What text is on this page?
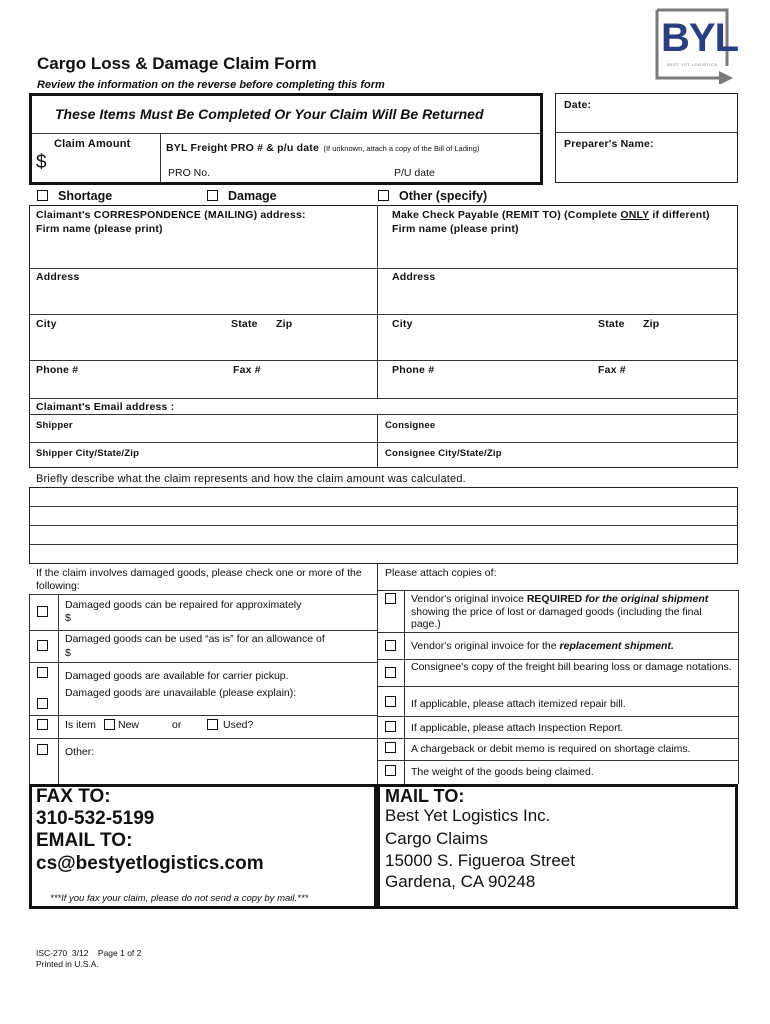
BYL
BEST YET LOGISTICS
Cargo Loss & Damage Claim Form
Review the information on the reverse before completing this form
These Items Must Be Completed Or Your Claim Will Be Returned
Claim Amount
$
BYL Freight PRO # & p/u date (If unknown, attach a copy of the Bill of Lading)
PRO No.	P/U date
Date:
Preparer's Name:
Shortage	Damage	Other (specify)
Claimant's CORRESPONDENCE (MAILING) address:
Firm name (please print)
Address
City	State Zip
Phone #	Fax #
Make Check Payable (REMIT TO) (Complete ONLY if different)
Firm name (please print)
Address
City	State Zip
Phone #	Fax #
Claimant's Email address :
Shipper	Consignee
Shipper City/State/Zip	Consignee City/State/Zip
Briefly describe what the claim represents and how the claim amount was calculated.
If the claim involves damaged goods, please check one or more of the following:
Please attach copies of:
Damaged goods can be repaired for approximately
$
Damaged goods can be used “as is” for an allowance of
$
Damaged goods are available for carrier pickup.
Damaged goods are unavailable (please explain):
Is item New	or	Used?
Other:
Vendor's original invoice REQUIRED for the original shipment showing the price of lost or damaged goods (including the final page.)
Vendor's original invoice for the replacement shipment.
Consignee's copy of the freight bill bearing loss or damage notations.
If applicable, please attach itemized repair bill.
If applicable, please attach Inspection Report.
A chargeback or debit memo is required on shortage claims.
The weight of the goods being claimed.
FAX TO:
310-532-5199
EMAIL TO:
cs@bestyetlogistics.com
***If you fax your claim, please do not send a copy by mail.***
MAIL TO:
Best Yet Logistics Inc.
Cargo Claims
15000 S. Figueroa Street
Gardena, CA 90248
ISC-270  3/12    Page 1 of 2
Printed in U.S.A.
